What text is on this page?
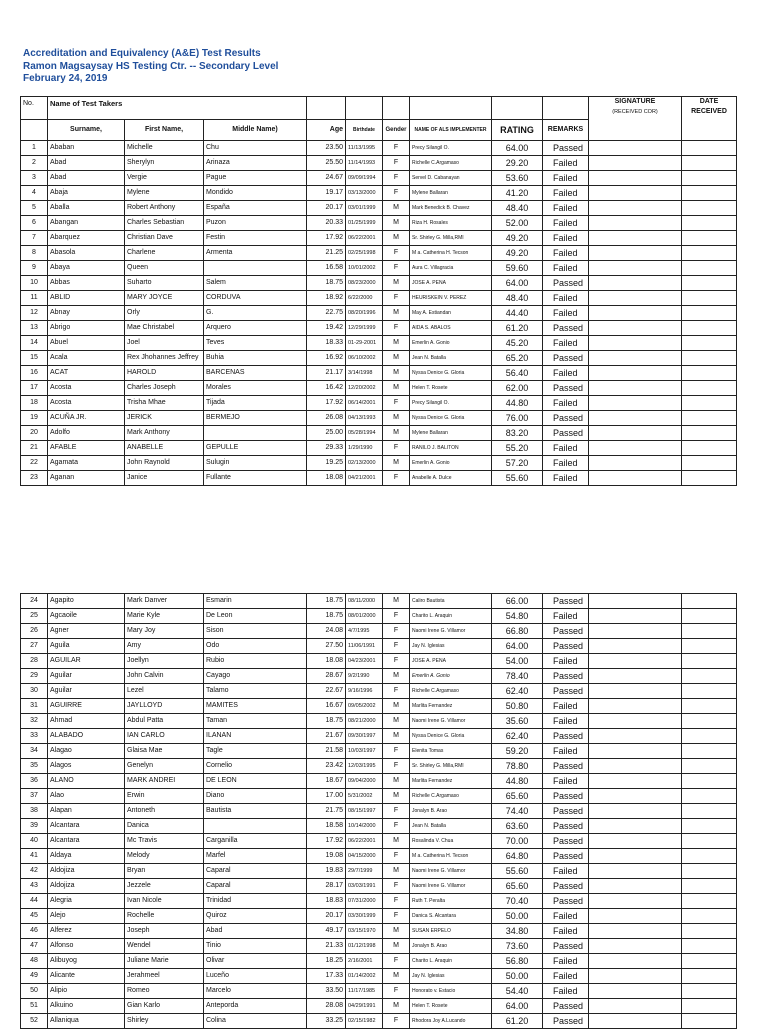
Accreditation and Equivalency (A&E) Test Results
Ramon Magsaysay HS Testing Ctr. -- Secondary Level
February 24, 2019
No.	Name of Test Takers									SIGNATURE
(RECEIVED COR)	DATE RECEIVED
	Surname,	First Name,	Middle Name)	Age	Birthdate	Gender	NAME OF ALS IMPLEMENTER	RATING	REMARKS		
1	Ababan	Michelle	Chu	23.50	11/13/1995	F	Precy Silangil O.	64.00	Passed		
2	Abad	Sherylyn	Arinaza	25.50	11/14/1993	F	Richelle C.Argamaso	29.20	Failed		
3	Abad	Vergie	Pague	24.67	09/09/1994	F	Servel D. Cabanayan	53.60	Failed		
4	Abaja	Mylene	Mondido	19.17	03/13/2000	F	Mylene Ballaran	41.20	Failed		
5	Aballa	Robert Anthony	España	20.17	03/01/1999	M	Mark Benedick B. Chavez	48.40	Failed		
6	Abangan	Charles Sebastian	Puzon	20.33	01/25/1999	M	Riza H. Rosales	52.00	Failed		
7	Abarquez	Christian Dave	Festin	17.92	06/22/2001	M	Sr. Shirley G. Milla,RMI	49.20	Failed		
8	Abasola	Charlene	Armenta	21.25	02/25/1998	F	M a. Catherina H. Tecson	49.20	Failed		
9	Abaya	Queen		16.58	10/01/2002	F	Aura C. Villagracia	59.60	Failed		
10	Abbas	Suharto	Salem	18.75	08/23/2000	M	JOSE A. PENA	64.00	Passed		
11	ABLID	MARY JOYCE	CORDUVA	18.92	6/22/2000	F	HEURISKEIN V. PEREZ	48.40	Failed		
12	Abnay	Orly	G.	22.75	08/20/1996	M	May A. Estiandan	44.40	Failed		
13	Abrigo	Mae Christabel	Arquero	19.42	12/29/1999	F	AIDA S. ABALOS	61.20	Passed		
14	Abuel	Joel	Teves	18.33	01-29-2001	M	Emerlin A. Gonio	45.20	Failed		
15	Acala	Rex Jhohannes Jeffrey	Buhia	16.92	06/10/2002	M	Jean N. Batalla	65.20	Passed		
16	ACAT	HAROLD	BARCENAS	21.17	3/14/1998	M	Nyssa Denice G. Gloria	56.40	Failed		
17	Acosta	Charles Joseph	Morales	16.42	12/20/2002	M	Helen T. Rosete	62.00	Passed		
18	Acosta	Trisha Mhae	Tijada	17.92	06/14/2001	F	Precy Silangil O.	44.80	Failed		
19	ACUÑA JR.	JERICK	BERMEJO	26.08	04/13/1993	M	Nyssa Denice G. Gloria	76.00	Passed		
20	Adolfo	Mark Anthony		25.00	05/28/1994	M	Mylene Ballaran	83.20	Passed		
21	AFABLE	ANABELLE	GEPULLE	29.33	1/29/1990	F	RANILO J. BALITON	55.20	Failed		
22	Agamata	John Raynold	Sulugin	19.25	02/13/2000	M	Emerlin A. Gonio	57.20	Failed		
23	Aganan	Janice	Fullante	18.08	04/21/2001	F	Anabelle A. Dulce	55.60	Failed		
24	Agapito	Mark Danver	Esmarin	18.75	08/11/2000	M	Caliro Bautista	66.00	Passed		
25	Agcaoile	Marie Kyle	De Leon	18.75	08/01/2000	F	Charito L. Araquin	54.80	Failed		
26	Agner	Mary Joy	Sison	24.08	4/7/1995	F	Naomi Irene G. Villamor	66.80	Passed		
27	Aguila	Amy	Odo	27.50	11/06/1991	F	Jay N. Iglesias	64.00	Passed		
28	AGUILAR	Joellyn	Rubio	18.08	04/23/2001	F	JOSE A. PENA	54.00	Failed		
29	Aguilar	John Calvin	Cayago	28.67	9/2/1990	M	Emerlin A. Gonio	78.40	Passed		
30	Aguilar	Lezel	Talamo	22.67	9/16/1996	F	Richelle C.Argamaso	62.40	Passed		
31	AGUIRRE	JAYLLOYD	MAMITES	16.67	09/05/2002	M	Marlita Fernandez	50.80	Failed		
32	Ahmad	Abdul Patta	Taman	18.75	08/21/2000	M	Naomi Irene G. Villamor	35.60	Failed		
33	ALABADO	IAN CARLO	ILANAN	21.67	09/30/1997	M	Nyssa Denice G. Gloria	62.40	Passed		
34	Alagao	Glaisa Mae	Tagle	21.58	10/03/1997	F	Elenita Tomas	59.20	Failed		
35	Alagos	Genelyn	Cornelio	23.42	12/03/1995	F	Sr. Shirley G. Milla,RMI	78.80	Passed		
36	ALANO	MARK ANDREI	DE LEON	18.67	09/04/2000	M	Marlita Fernandez	44.80	Failed		
37	Alao	Erwin	Diano	17.00	5/31/2002	M	Richelle C.Argamaso	65.60	Passed		
38	Alapan	Antoneth	Bautista	21.75	08/15/1997	F	Jonalyn B. Arao	74.40	Passed		
39	Alcantara	Danica		18.58	10/14/2000	F	Jean N. Batalla	63.60	Passed		
40	Alcantara	Mc Travis	Carganilla	17.92	06/22/2001	M	Rosalinda V. Chua	70.00	Passed		
41	Aldaya	Melody	Marfel	19.08	04/15/2000	F	M a. Catherina H. Tecson	64.80	Passed		
42	Aldojiza	Bryan	Caparal	19.83	29/7/1999	M	Naomi Irene G. Villamor	55.60	Failed		
43	Aldojiza	Jezzele	Caparal	28.17	03/03/1991	F	Naomi Irene G. Villamor	65.60	Passed		
44	Alegria	Ivan Nicole	Trinidad	18.83	07/31/2000	F	Ruth T. Peralta	70.40	Passed		
45	Alejo	Rochelle	Quiroz	20.17	03/30/1999	F	Danica S. Alcantara	50.00	Failed		
46	Alferez	Joseph	Abad	49.17	03/15/1970	M	SUSAN ERPELO	34.80	Failed		
47	Alfonso	Wendel	Tinio	21.33	01/12/1998	M	Jonalyn B. Arao	73.60	Passed		
48	Alibuyog	Juliane Marie	Olivar	18.25	2/16/2001	F	Charito L. Araquin	56.80	Failed		
49	Alicante	Jerahmeel	Luceño	17.33	01/14/2002	M	Jay N. Iglesias	50.00	Failed		
50	Alipio	Romeo	Marcelo	33.50	11/17/1985	F	Honorato v. Estacio	54.40	Failed		
51	Alkuino	Gian Karlo	Anteporda	28.08	04/29/1991	M	Helen T. Rosete	64.00	Passed		
52	Allaniqua	Shirley	Colina	33.25	02/15/1982	F	Rhodora Joy A.Lucando	61.20	Passed		
